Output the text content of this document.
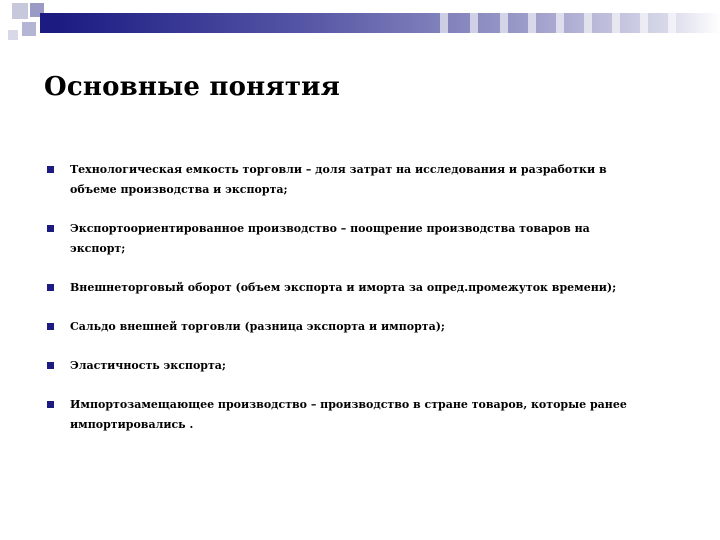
Основные понятия
Технологическая емкость торговли – доля затрат на исследования и разработки в объеме производства и экспорта;
Экспортоориентированное производство – поощрение производства товаров на экспорт;
Внешнеторговый оборот (объем экспорта и иморта за опред.промежуток времени);
Сальдо внешней торговли (разница экспорта и импорта);
Эластичность экспорта;
Импортозамещающее производство – производство в стране товаров, которые ранее импортировались .
